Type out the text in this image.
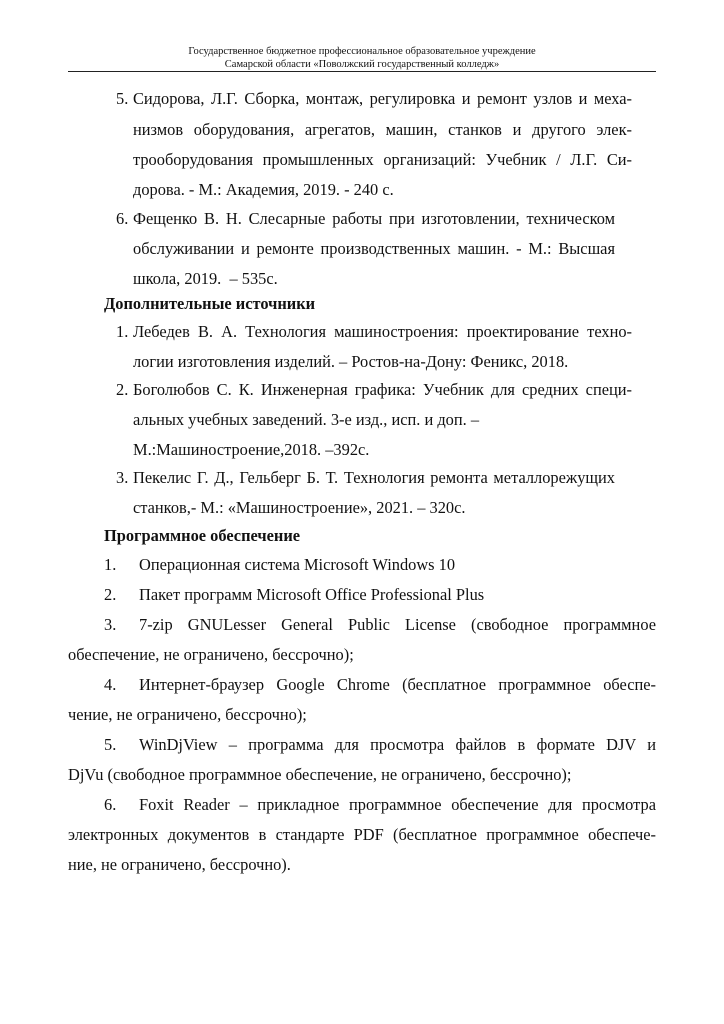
Государственное бюджетное профессиональное образовательное учреждение
Самарской области «Поволжский государственный колледж»
5. Сидорова, Л.Г. Сборка, монтаж, регулировка и ремонт узлов и меха-
низмов оборудования, агрегатов, машин, станков и другого элек-
трооборудования промышленных организаций: Учебник / Л.Г. Си-
дорова. - М.: Академия, 2019. - 240 с.
6. Фещенко В. Н. Слесарные работы при изготовлении, техническом
обслуживании и ремонте производственных машин. - М.: Высшая
школа, 2019.  – 535с.
Дополнительные источники
1. Лебедев В. А. Технология машиностроения: проектирование техно-
логии изготовления изделий. – Ростов-на-Дону: Феникс, 2018.
2. Боголюбов С. К. Инженерная графика: Учебник для средних специ-
альных учебных заведений. 3-е изд., исп. и доп. –
М.:Машиностроение,2018. –392с.
3. Пекелис Г. Д., Гельберг Б. Т. Технология ремонта металлорежущих
станков,- М.: «Машиностроение», 2021. – 320с.
Программное обеспечение
1. Операционная система Microsoft Windows 10
2. Пакет программ Microsoft Office Professional Plus
3. 7-zip GNULesser General Public License (свободное программное
обеспечение, не ограничено, бессрочно);
4. Интернет-браузер Google Chrome (бесплатное программное обеспе-
чение, не ограничено, бессрочно);
5. WinDjView – программа для просмотра файлов в формате DJV и
DjVu (свободное программное обеспечение, не ограничено, бессрочно);
6. Foxit Reader – прикладное программное обеспечение для просмотра
электронных документов в стандарте PDF (бесплатное программное обеспече-
ние, не ограничено, бессрочно).
